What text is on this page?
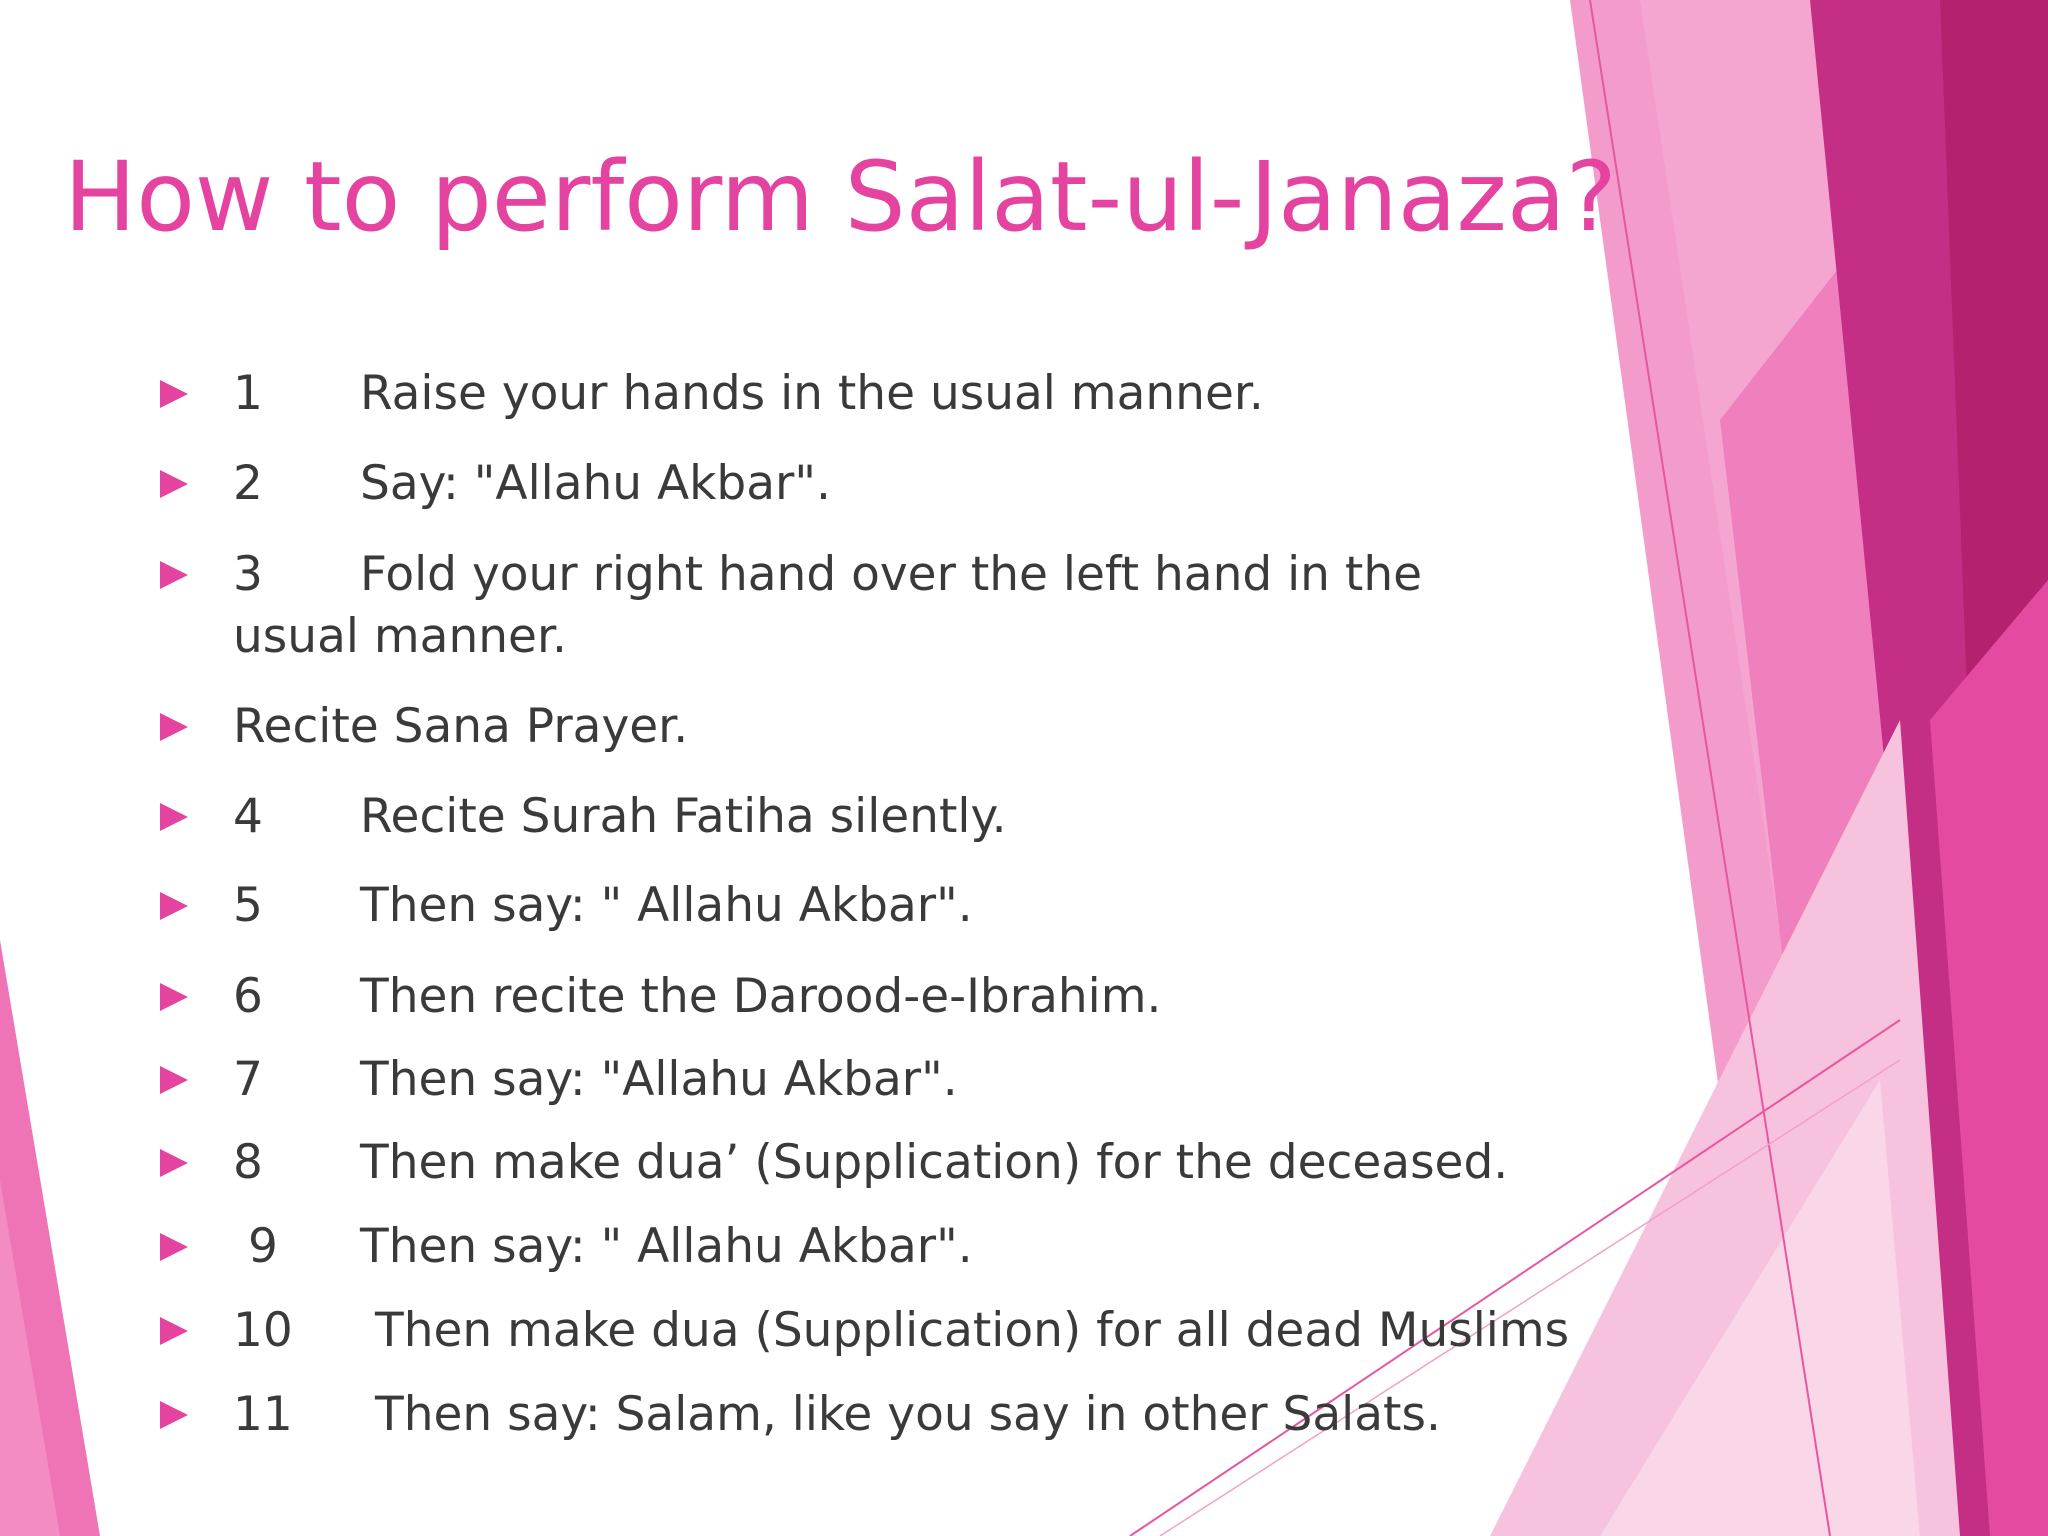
How to perform Salat-ul-Janaza?
1 Raise your hands in the usual manner.
2 Say: "Allahu Akbar".
3 Fold your right hand over the left hand in the
usual manner.
Recite Sana Prayer.
4 Recite Surah Fatiha silently.
5 Then say: " Allahu Akbar".
6 Then recite the Darood-e-Ibrahim.
7 Then say: "Allahu Akbar".
8 Then make dua’ (Supplication) for the deceased.
9 Then say: " Allahu Akbar".
10 Then make dua (Supplication) for all dead Muslims
11 Then say: Salam, like you say in other Salats.
